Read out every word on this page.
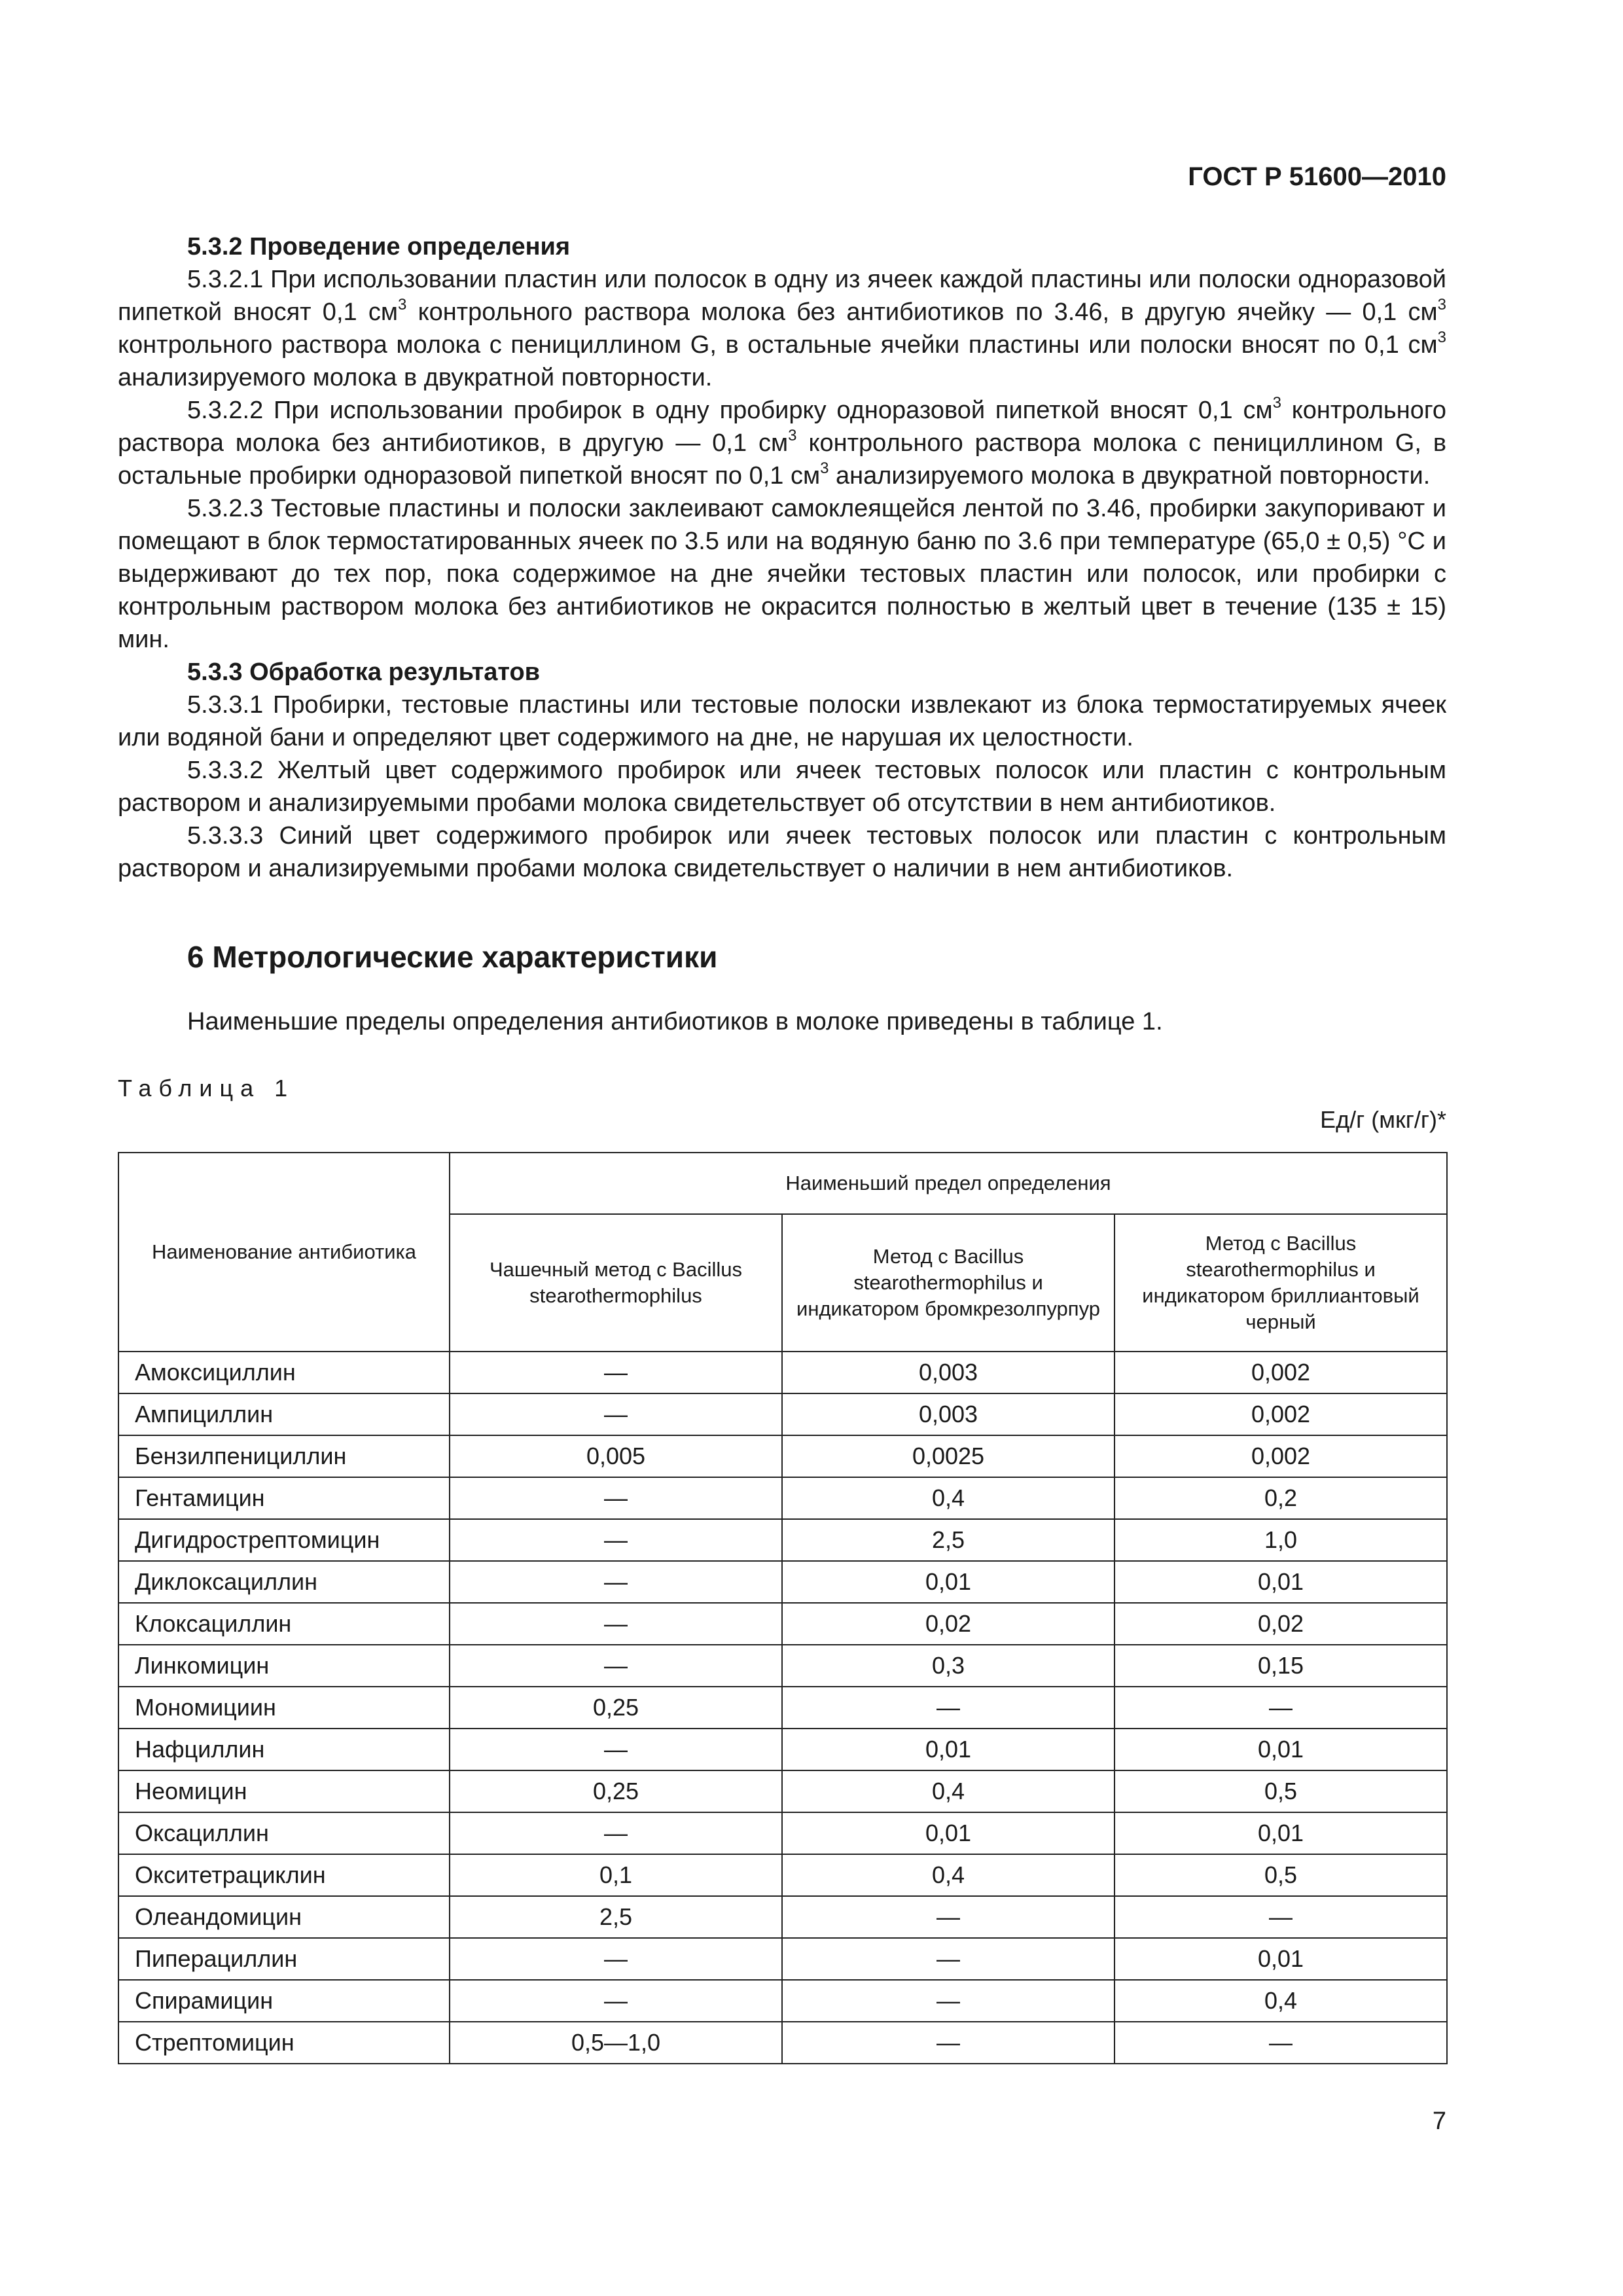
ГОСТ Р 51600—2010

5.3.2 Проведение определения

5.3.2.1 При использовании пластин или полосок в одну из ячеек каждой пластины или полоски одноразовой пипеткой вносят 0,1 $см^3$ контрольного раствора молока без антибиотиков по 3.46, в другую ячейку — 0,1 $см^3$ контрольного раствора молока с пенициллином G, в остальные ячейки пластины или полоски вносят по 0,1 $см^3$ анализируемого молока в двукратной повторности.

5.3.2.2 При использовании пробирок в одну пробирку одноразовой пипеткой вносят 0,1 $см^3$ контрольного раствора молока без антибиотиков, в другую — 0,1 $см^3$ контрольного раствора молока с пенициллином G, в остальные пробирки одноразовой пипеткой вносят по 0,1 $см^3$ анализируемого молока в двукратной повторности.

5.3.2.3 Тестовые пластины и полоски заклеивают самоклеящейся лентой по 3.46, пробирки закупоривают и помещают в блок термостатированных ячеек по 3.5 или на водяную баню по 3.6 при температуре (65,0 ± 0,5) °С и выдерживают до тех пор, пока содержимое на дне ячейки тестовых пластин или полосок, или пробирки с контрольным раствором молока без антибиотиков не окрасится полностью в желтый цвет в течение (135 ± 15) мин.

5.3.3 Обработка результатов

5.3.3.1 Пробирки, тестовые пластины или тестовые полоски извлекают из блока термостатируемых ячеек или водяной бани и определяют цвет содержимого на дне, не нарушая их целостности.

5.3.3.2 Желтый цвет содержимого пробирок или ячеек тестовых полосок или пластин с контрольным раствором и анализируемыми пробами молока свидетельствует об отсутствии в нем антибиотиков.

5.3.3.3 Синий цвет содержимого пробирок или ячеек тестовых полосок или пластин с контрольным раствором и анализируемыми пробами молока свидетельствует о наличии в нем антибиотиков.

6 Метрологические характеристики
Наименьшие пределы определения антибиотиков в молоке приведены в таблице 1.
Таблица 1
Ед/г (мкг/г)*
Наименование антибиотика	Наименьший предел определения		
	Чашечный метод с Bacillus stearothermophilus	Метод с Bacillus stearothermophilus и индикатором бромкрезолпурпур	Метод с Bacillus stearothermophilus и индикатором бриллиантовый черный
Амоксициллин	—	0,003	0,002
Ампициллин	—	0,003	0,002
Бензилпенициллин	0,005	0,0025	0,002
Гентамицин	—	0,4	0,2
Дигидрострептомицин	—	2,5	1,0
Диклоксациллин	—	0,01	0,01
Клоксациллин	—	0,02	0,02
Линкомицин	—	0,3	0,15
Мономициин	0,25	—	—
Нафциллин	—	0,01	0,01
Неомицин	0,25	0,4	0,5
Оксациллин	—	0,01	0,01
Окситетрациклин	0,1	0,4	0,5
Олеандомицин	2,5	—	—
Пиперациллин	—	—	0,01
Спирамицин	—	—	0,4
Стрептомицин	0,5—1,0	—	—
7
